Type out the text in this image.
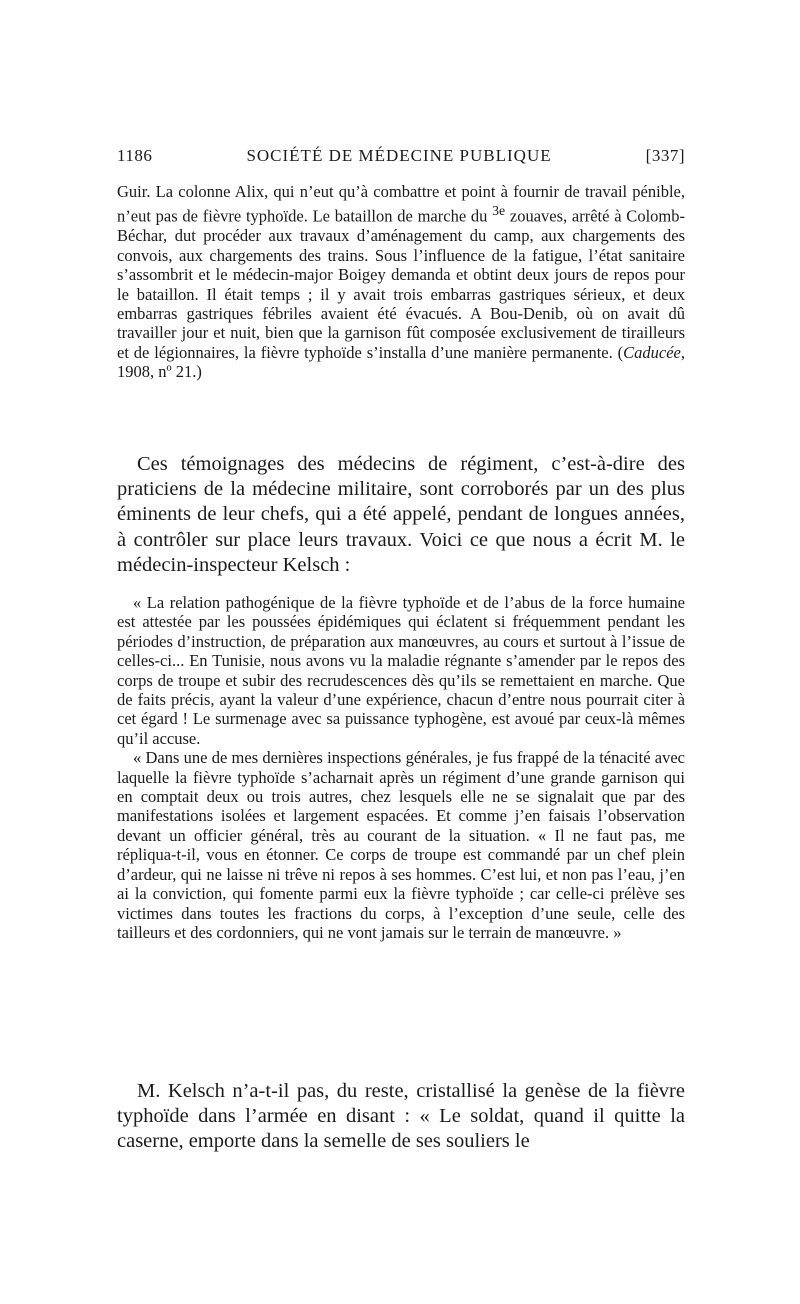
1186	SOCIÉTÉ DE MÉDECINE PUBLIQUE	[337]

Guir. La colonne Alix, qui n’eut qu’à combattre et point à fournir de travail pénible, n’eut pas de fièvre typhoïde. Le bataillon de marche du $^{3e}$ zouaves, arrêté à Colomb-Béchar, dut procéder aux travaux d’aménagement du camp, aux chargements des convois, aux chargements des trains. Sous l’influence de la fatigue, l’état sanitaire s’assombrit et le médecin-major Boigey demanda et obtint deux jours de repos pour le bataillon. Il était temps ; il y avait trois embarras gastriques sérieux, et deux embarras gastriques fébriles avaient été évacués. A Bou-Denib, où on avait dû travailler jour et nuit, bien que la garnison fût composée exclusivement de tirailleurs et de légionnaires, la fièvre typhoïde s’installa d’une manière permanente. (Caducée, 1908, nº 21.)

Ces témoignages des médecins de régiment, c’est-à-dire des praticiens de la médecine militaire, sont corroborés par un des plus éminents de leur chefs, qui a été appelé, pendant de longues années, à contrôler sur place leurs travaux. Voici ce que nous a écrit M. le médecin-inspecteur Kelsch :

« La relation pathogénique de la fièvre typhoïde et de l’abus de la force humaine est attestée par les poussées épidémiques qui éclatent si fréquemment pendant les périodes d’instruction, de préparation aux manœuvres, au cours et surtout à l’issue de celles-ci... En Tunisie, nous avons vu la maladie régnante s’amender par le repos des corps de troupe et subir des recrudescences dès qu’ils se remettaient en marche. Que de faits précis, ayant la valeur d’une expérience, chacun d’entre nous pourrait citer à cet égard ! Le surmenage avec sa puissance typhogène, est avoué par ceux-là mêmes qu’il accuse.

« Dans une de mes dernières inspections générales, je fus frappé de la ténacité avec laquelle la fièvre typhoïde s’acharnait après un régiment d’une grande garnison qui en comptait deux ou trois autres, chez lesquels elle ne se signalait que par des manifestations isolées et largement espacées. Et comme j’en faisais l’observation devant un officier général, très au courant de la situation. « Il ne faut pas, me répliqua-t-il, vous en étonner. Ce corps de troupe est commandé par un chef plein d’ardeur, qui ne laisse ni trêve ni repos à ses hommes. C’est lui, et non pas l’eau, j’en ai la conviction, qui fomente parmi eux la fièvre typhoïde ; car celle-ci prélève ses victimes dans toutes les fractions du corps, à l’exception d’une seule, celle des tailleurs et des cordonniers, qui ne vont jamais sur le terrain de manœuvre. »

M. Kelsch n’a-t-il pas, du reste, cristallisé la genèse de la fièvre typhoïde dans l’armée en disant : « Le soldat, quand il quitte la caserne, emporte dans la semelle de ses souliers le
